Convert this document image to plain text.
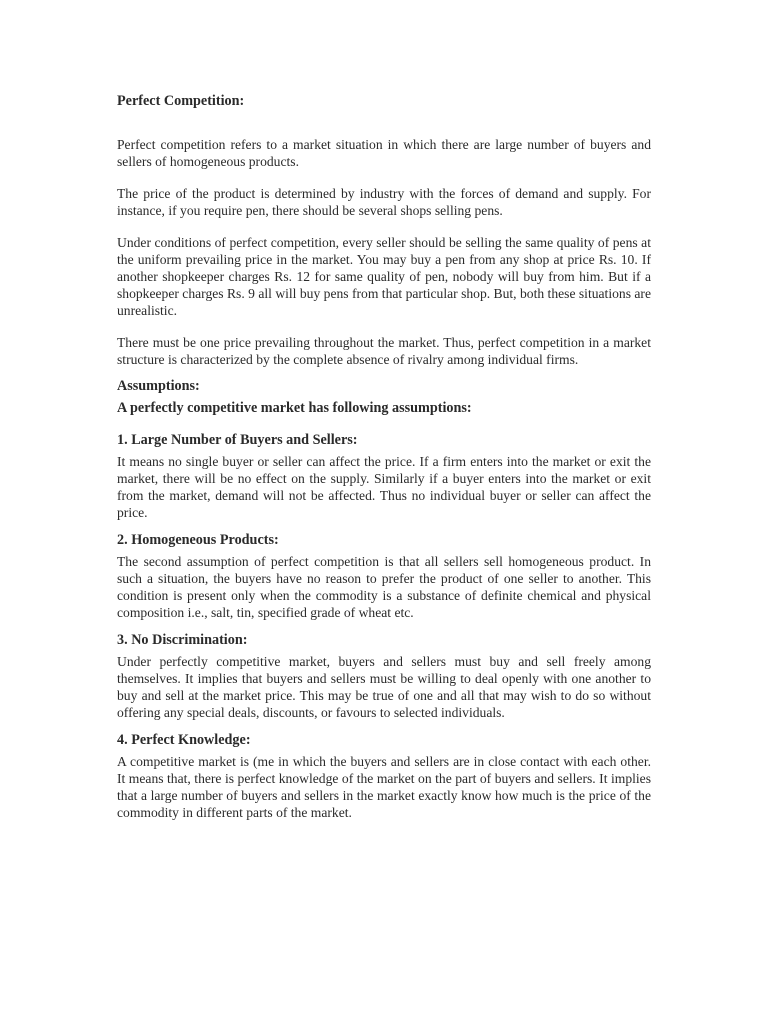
Perfect Competition:

Perfect competition refers to a market situation in which there are large number of buyers and sellers of homogeneous products.

The price of the product is determined by industry with the forces of demand and supply. For instance, if you require pen, there should be several shops selling pens.

Under conditions of perfect competition, every seller should be selling the same quality of pens at the uniform prevailing price in the market. You may buy a pen from any shop at price Rs. 10. If another shopkeeper charges Rs. 12 for same quality of pen, nobody will buy from him. But if a shopkeeper charges Rs. 9 all will buy pens from that particular shop. But, both these situations are unrealistic.

There must be one price prevailing throughout the market. Thus, perfect competition in a market structure is characterized by the complete absence of rivalry among individual firms.

Assumptions:
A perfectly competitive market has following assumptions:
1. Large Number of Buyers and Sellers:

It means no single buyer or seller can affect the price. If a firm enters into the market or exit the market, there will be no effect on the supply. Similarly if a buyer enters into the market or exit from the market, demand will not be affected. Thus no individual buyer or seller can affect the price.

2. Homogeneous Products:

The second assumption of perfect competition is that all sellers sell homogeneous product. In such a situation, the buyers have no reason to prefer the product of one seller to another. This condition is present only when the commodity is a substance of definite chemical and physical composition i.e., salt, tin, specified grade of wheat etc.

3. No Discrimination:

Under perfectly competitive market, buyers and sellers must buy and sell freely among themselves. It implies that buyers and sellers must be willing to deal openly with one another to buy and sell at the market price. This may be true of one and all that may wish to do so without offering any special deals, discounts, or favours to selected individuals.

4. Perfect Knowledge:

A competitive market is (me in which the buyers and sellers are in close contact with each other. It means that, there is perfect knowledge of the market on the part of buyers and sellers. It implies that a large number of buyers and sellers in the market exactly know how much is the price of the commodity in different parts of the market.
